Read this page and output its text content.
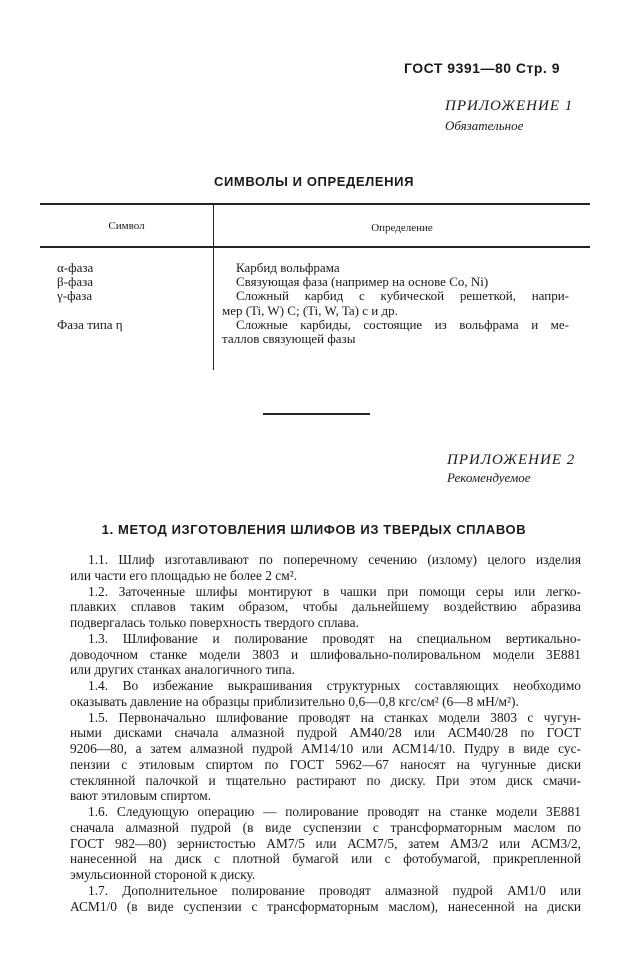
ГОСТ 9391—80 Стр. 9
ПРИЛОЖЕНИЕ 1
Обязательное
СИМВОЛЫ И ОПРЕДЕЛЕНИЯ
Символ	Определение
α-фаза
β-фаза
γ-фаза
Фаза типа η
Карбид вольфрама
Связующая фаза (например на основе Co, Ni)
Сложный карбид с кубической решеткой, напри-
мер (Ti, W) C; (Ti, W, Ta) с и др.
Сложные карбиды, состоящие из вольфрама и ме-
таллов связующей фазы
ПРИЛОЖЕНИЕ 2
Рекомендуемое
1. МЕТОД ИЗГОТОВЛЕНИЯ ШЛИФОВ ИЗ ТВЕРДЫХ СПЛАВОВ
1.1. Шлиф изготавливают по поперечному сечению (излому) целого изделия
или части его площадью не более 2 см².
1.2. Заточенные шлифы монтируют в чашки при помощи серы или легко-
плавких сплавов таким образом, чтобы дальнейшему воздействию абразива
подвергалась только поверхность твердого сплава.
1.3. Шлифование и полирование проводят на специальном вертикально-
доводочном станке модели 3803 и шлифовально-полировальном модели 3Е881
или других станках аналогичного типа.
1.4. Во избежание выкрашивания структурных составляющих необходимо
оказывать давление на образцы приблизительно 0,6—0,8 кгс/см² (6—8 мН/м²).
1.5. Первоначально шлифование проводят на станках модели 3803 с чугун-
ными дисками сначала алмазной пудрой АМ40/28 или АСМ40/28 по ГОСТ
9206—80, а затем алмазной пудрой АМ14/10 или АСМ14/10. Пудру в виде сус-
пензии с этиловым спиртом по ГОСТ 5962—67 наносят на чугунные диски
стеклянной палочкой и тщательно растирают по диску. При этом диск смачи-
вают этиловым спиртом.
1.6. Следующую операцию — полирование проводят на станке модели 3Е881
сначала алмазной пудрой (в виде суспензии с трансформаторным маслом по
ГОСТ 982—80) зернистостью АМ7/5 или АСМ7/5, затем АМ3/2 или АСМ3/2,
нанесенной на диск с плотной бумагой или с фотобумагой, прикрепленной
эмульсионной стороной к диску.
1.7. Дополнительное полирование проводят алмазной пудрой АМ1/0 или
АСМ1/0 (в виде суспензии с трансформаторным маслом), нанесенной на диски
